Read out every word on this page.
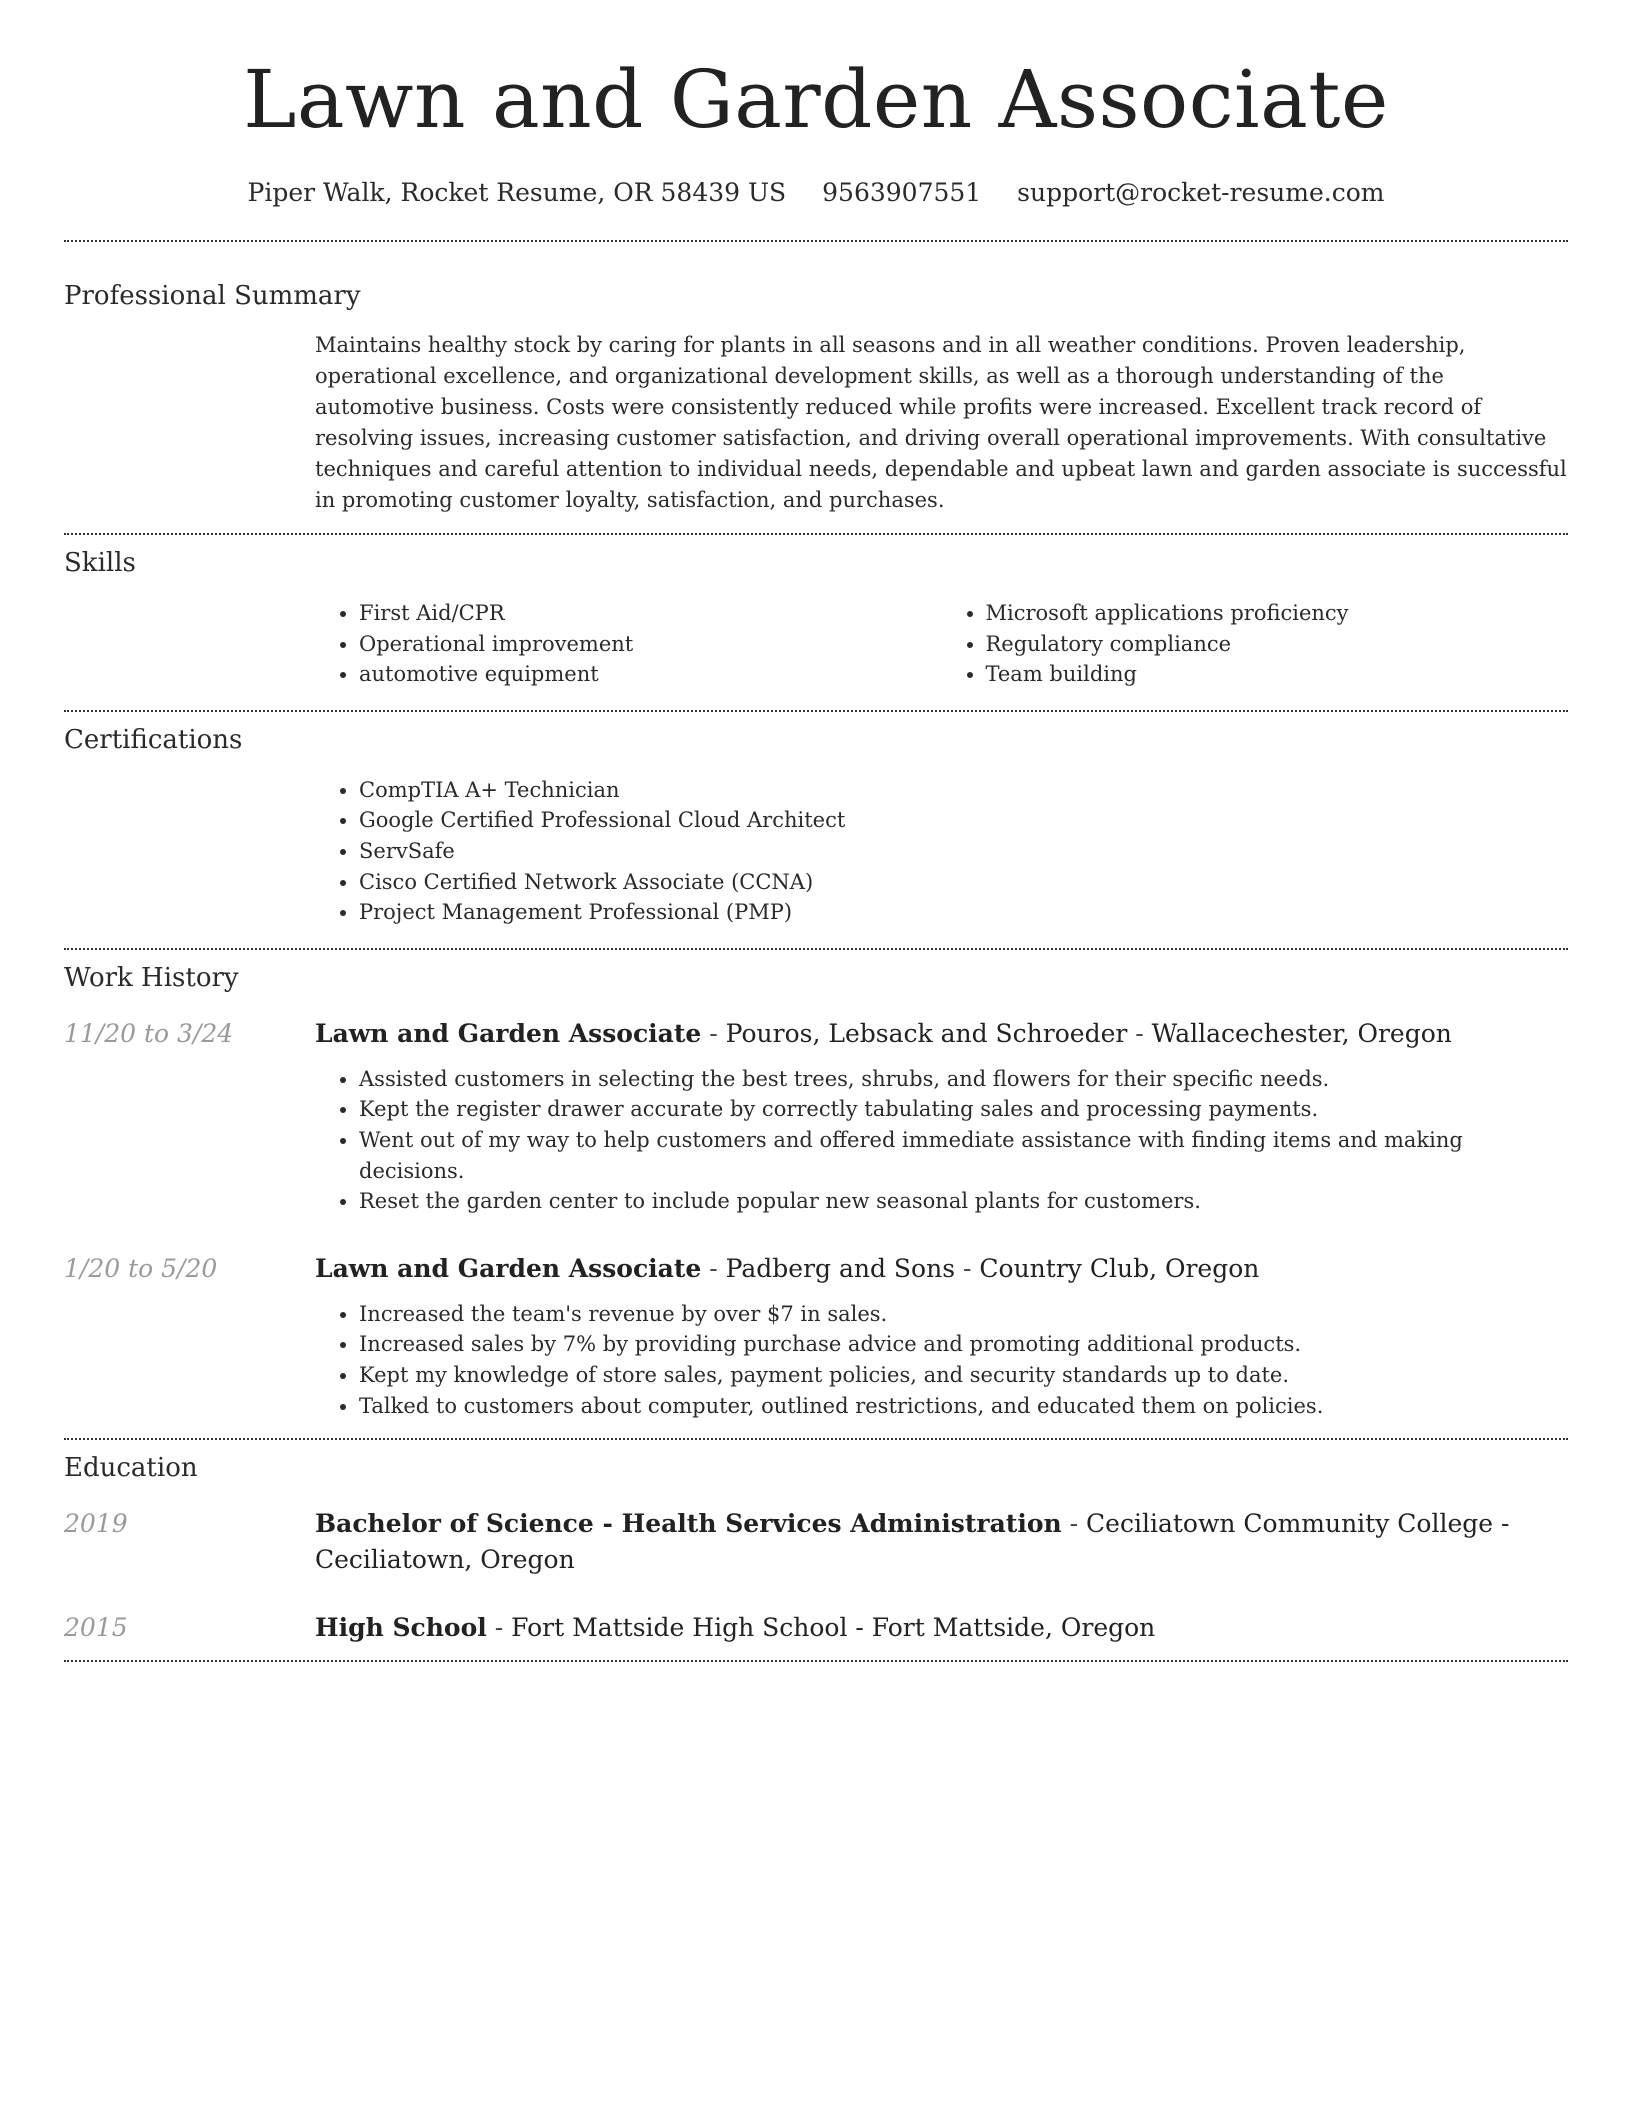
Lawn and Garden Associate
Piper Walk, Rocket Resume, OR 58439 US 9563907551 support@rocket-resume.com
Professional Summary
Maintains healthy stock by caring for plants in all seasons and in all weather conditions. Proven leadership, operational excellence, and organizational development skills, as well as a thorough understanding of the automotive business. Costs were consistently reduced while profits were increased. Excellent track record of resolving issues, increasing customer satisfaction, and driving overall operational improvements. With consultative techniques and careful attention to individual needs, dependable and upbeat lawn and garden associate is successful in promoting customer loyalty, satisfaction, and purchases.
Skills
• First Aid/CPR
• Operational improvement
• automotive equipment
• Microsoft applications proficiency
• Regulatory compliance
• Team building
Certifications
• CompTIA A+ Technician
• Google Certified Professional Cloud Architect
• ServSafe
• Cisco Certified Network Associate (CCNA)
• Project Management Professional (PMP)
Work History
11/20 to 3/24	Lawn and Garden Associate - Pouros, Lebsack and Schroeder - Wallacechester, Oregon
• Assisted customers in selecting the best trees, shrubs, and flowers for their specific needs.
• Kept the register drawer accurate by correctly tabulating sales and processing payments.
• Went out of my way to help customers and offered immediate assistance with finding items and making decisions.
• Reset the garden center to include popular new seasonal plants for customers.
1/20 to 5/20	Lawn and Garden Associate - Padberg and Sons - Country Club, Oregon
• Increased the team's revenue by over $7 in sales.
• Increased sales by 7% by providing purchase advice and promoting additional products.
• Kept my knowledge of store sales, payment policies, and security standards up to date.
• Talked to customers about computer, outlined restrictions, and educated them on policies.
Education
2019	Bachelor of Science - Health Services Administration - Ceciliatown Community College - Ceciliatown, Oregon
2015	High School - Fort Mattside High School - Fort Mattside, Oregon
